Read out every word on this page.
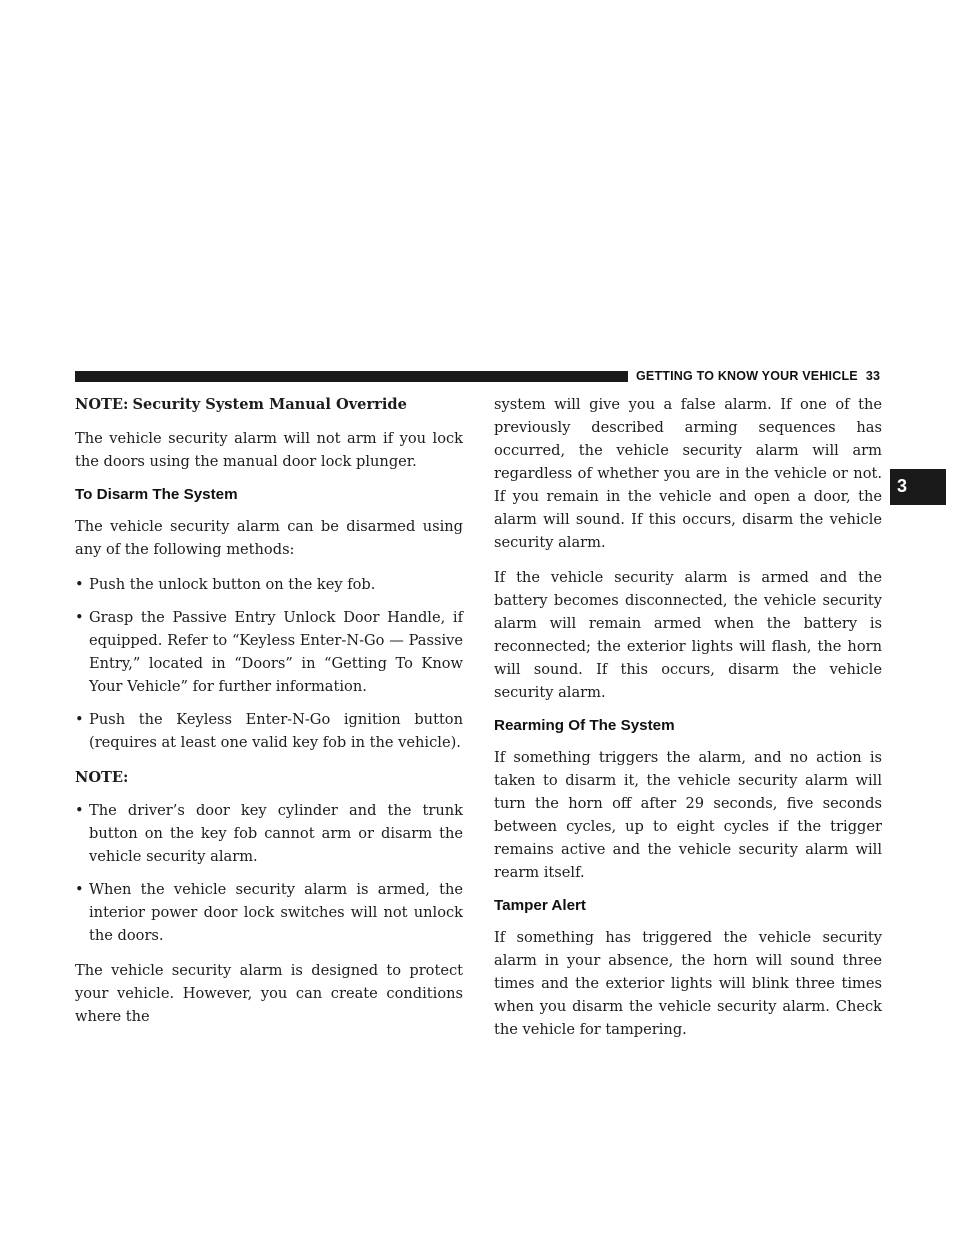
GETTING TO KNOW YOUR VEHICLE 33
3

NOTE: Security System Manual Override

The vehicle security alarm will not arm if you lock the doors using the manual door lock plunger.

To Disarm The System

The vehicle security alarm can be disarmed using any of the following methods:

• Push the unlock button on the key fob.
• Grasp the Passive Entry Unlock Door Handle, if equipped. Refer to “Keyless Enter-N-Go — Passive Entry,” located in “Doors” in “Getting To Know Your Vehicle” for further information.
• Push the Keyless Enter-N-Go ignition button (requires at least one valid key fob in the vehicle).

NOTE:

• The driver’s door key cylinder and the trunk button on the key fob cannot arm or disarm the vehicle security alarm.
• When the vehicle security alarm is armed, the interior power door lock switches will not unlock the doors.

The vehicle security alarm is designed to protect your vehicle. However, you can create conditions where the

system will give you a false alarm. If one of the previously described arming sequences has occurred, the vehicle security alarm will arm regardless of whether you are in the vehicle or not. If you remain in the vehicle and open a door, the alarm will sound. If this occurs, disarm the vehicle security alarm.

If the vehicle security alarm is armed and the battery becomes disconnected, the vehicle security alarm will remain armed when the battery is reconnected; the exterior lights will flash, the horn will sound. If this occurs, disarm the vehicle security alarm.

Rearming Of The System

If something triggers the alarm, and no action is taken to disarm it, the vehicle security alarm will turn the horn off after 29 seconds, five seconds between cycles, up to eight cycles if the trigger remains active and the vehicle security alarm will rearm itself.

Tamper Alert

If something has triggered the vehicle security alarm in your absence, the horn will sound three times and the exterior lights will blink three times when you disarm the vehicle security alarm. Check the vehicle for tampering.
